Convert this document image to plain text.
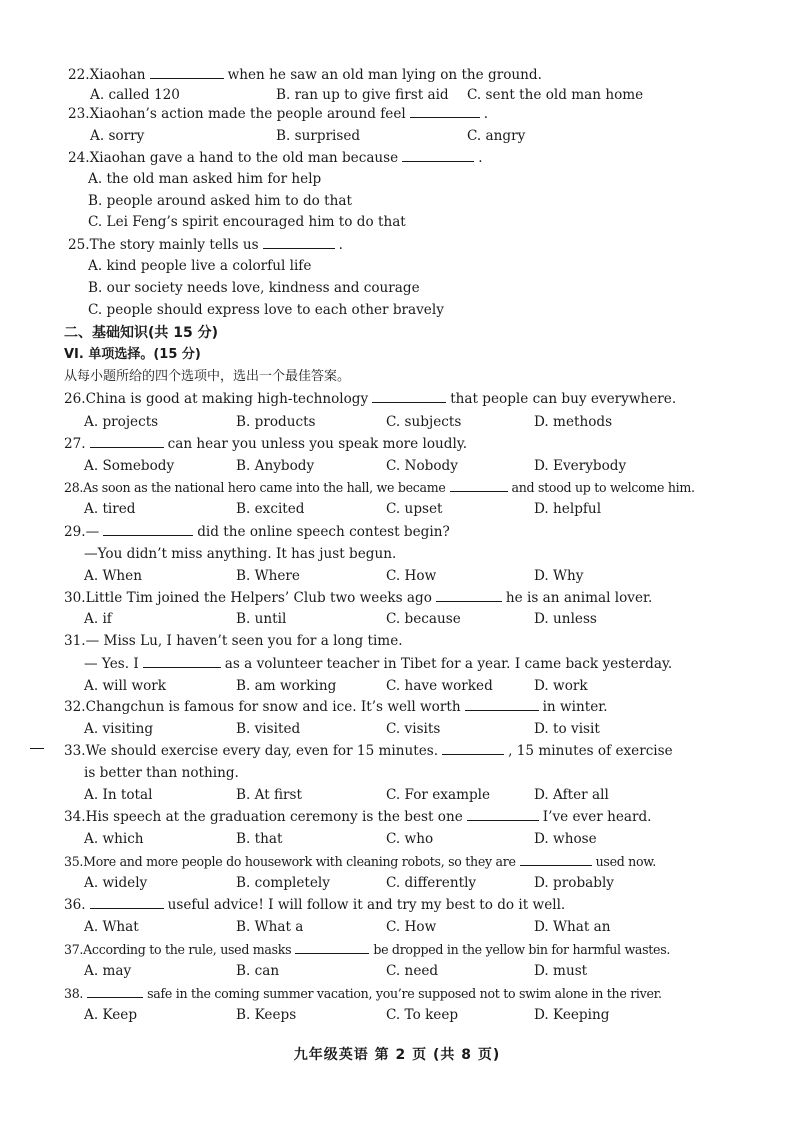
22.Xiaohan	when he saw an old man lying on the ground.
A. called 120	B. ran up to give first aid C. sent the old man home
23.Xiaohan’s action made the people around feel	.
A. sorry	B. surprised	C. angry
24.Xiaohan gave a hand to the old man because	.
A. the old man asked him for help
B. people around asked him to do that
C. Lei Feng’s spirit encouraged him to do that
25.The story mainly tells us	.
A. kind people live a colorful life
B. our society needs love, kindness and courage
C. people should express love to each other bravely
二、基础知识(共 15 分)
VI. 单项选择。(15 分)
从每小题所给的四个选项中，选出一个最佳答案。
26.China is good at making high-technology	that people can buy everywhere.
A. projects	B. products	C. subjects	D. methods
27.	can hear you unless you speak more loudly.
A. Somebody	B. Anybody	C. Nobody	D. Everybody
28.As soon as the national hero came into the hall, we became	and stood up to welcome him.
A. tired	B. excited	C. upset	D. helpful
29.—	did the online speech contest begin?
—You didn’t miss anything. It has just begun.
A. When	B. Where	C. How	D. Why
30.Little Tim joined the Helpers’ Club two weeks ago	he is an animal lover.
A. if	B. until	C. because	D. unless
31.— Miss Lu, I haven’t seen you for a long time.
— Yes. I	as a volunteer teacher in Tibet for a year. I came back yesterday.
A. will work	B. am working	C. have worked	D. work
32.Changchun is famous for snow and ice. It’s well worth	in winter.
A. visiting	B. visited	C. visits	D. to visit
33.We should exercise every day, even for 15 minutes.	, 15 minutes of exercise
is better than nothing.
A. In total	B. At first	C. For example	D. After all
34.His speech at the graduation ceremony is the best one	I’ve ever heard.
A. which	B. that	C. who	D. whose
35.More and more people do housework with cleaning robots, so they are	used now.
A. widely	B. completely	C. differently	D. probably
36.	useful advice! I will follow it and try my best to do it well.
A. What	B. What a	C. How	D. What an
37.According to the rule, used masks	be dropped in the yellow bin for harmful wastes.
A. may	B. can	C. need	D. must
38.	safe in the coming summer vacation, you’re supposed not to swim alone in the river.
A. Keep	B. Keeps	C. To keep	D. Keeping
九年级英语 第 2 页 (共 8 页)
